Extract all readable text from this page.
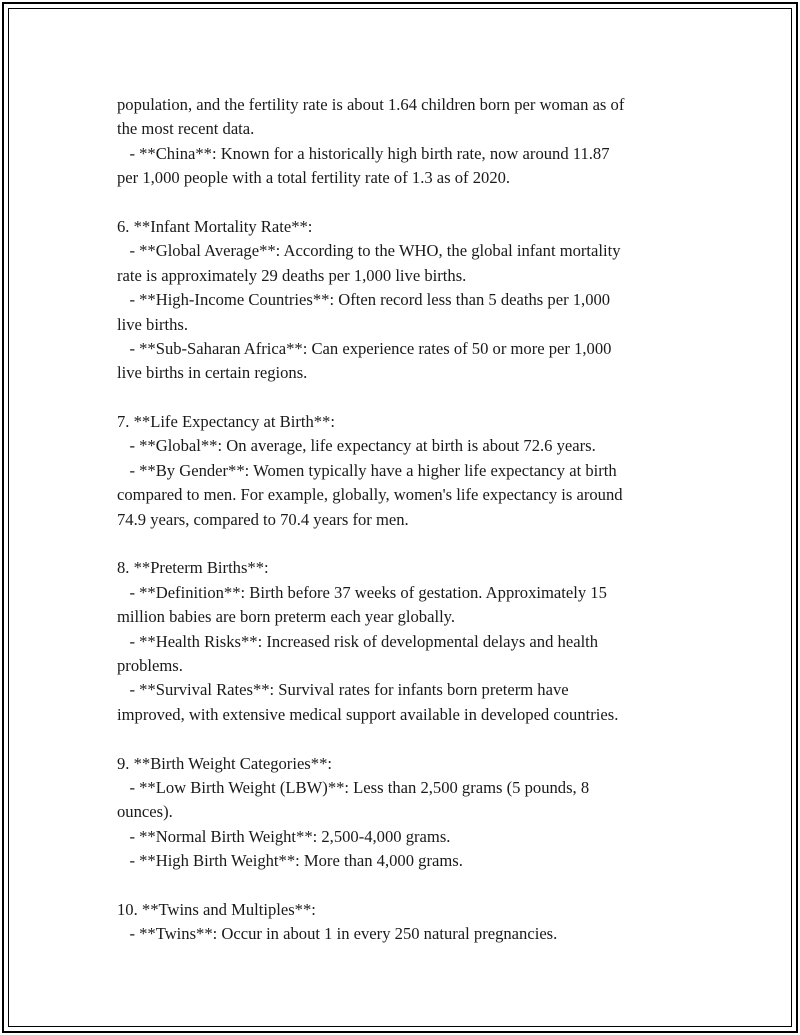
population, and the fertility rate is about 1.64 children born per woman as of
the most recent data.
- **China**: Known for a historically high birth rate, now around 11.87
per 1,000 people with a total fertility rate of 1.3 as of 2020.
6. **Infant Mortality Rate**:
- **Global Average**: According to the WHO, the global infant mortality
rate is approximately 29 deaths per 1,000 live births.
- **High-Income Countries**: Often record less than 5 deaths per 1,000
live births.
- **Sub-Saharan Africa**: Can experience rates of 50 or more per 1,000
live births in certain regions.
7. **Life Expectancy at Birth**:
- **Global**: On average, life expectancy at birth is about 72.6 years.
- **By Gender**: Women typically have a higher life expectancy at birth
compared to men. For example, globally, women's life expectancy is around
74.9 years, compared to 70.4 years for men.
8. **Preterm Births**:
- **Definition**: Birth before 37 weeks of gestation. Approximately 15
million babies are born preterm each year globally.
- **Health Risks**: Increased risk of developmental delays and health
problems.
- **Survival Rates**: Survival rates for infants born preterm have
improved, with extensive medical support available in developed countries.
9. **Birth Weight Categories**:
- **Low Birth Weight (LBW)**: Less than 2,500 grams (5 pounds, 8
ounces).
- **Normal Birth Weight**: 2,500-4,000 grams.
- **High Birth Weight**: More than 4,000 grams.
10. **Twins and Multiples**:
- **Twins**: Occur in about 1 in every 250 natural pregnancies.
